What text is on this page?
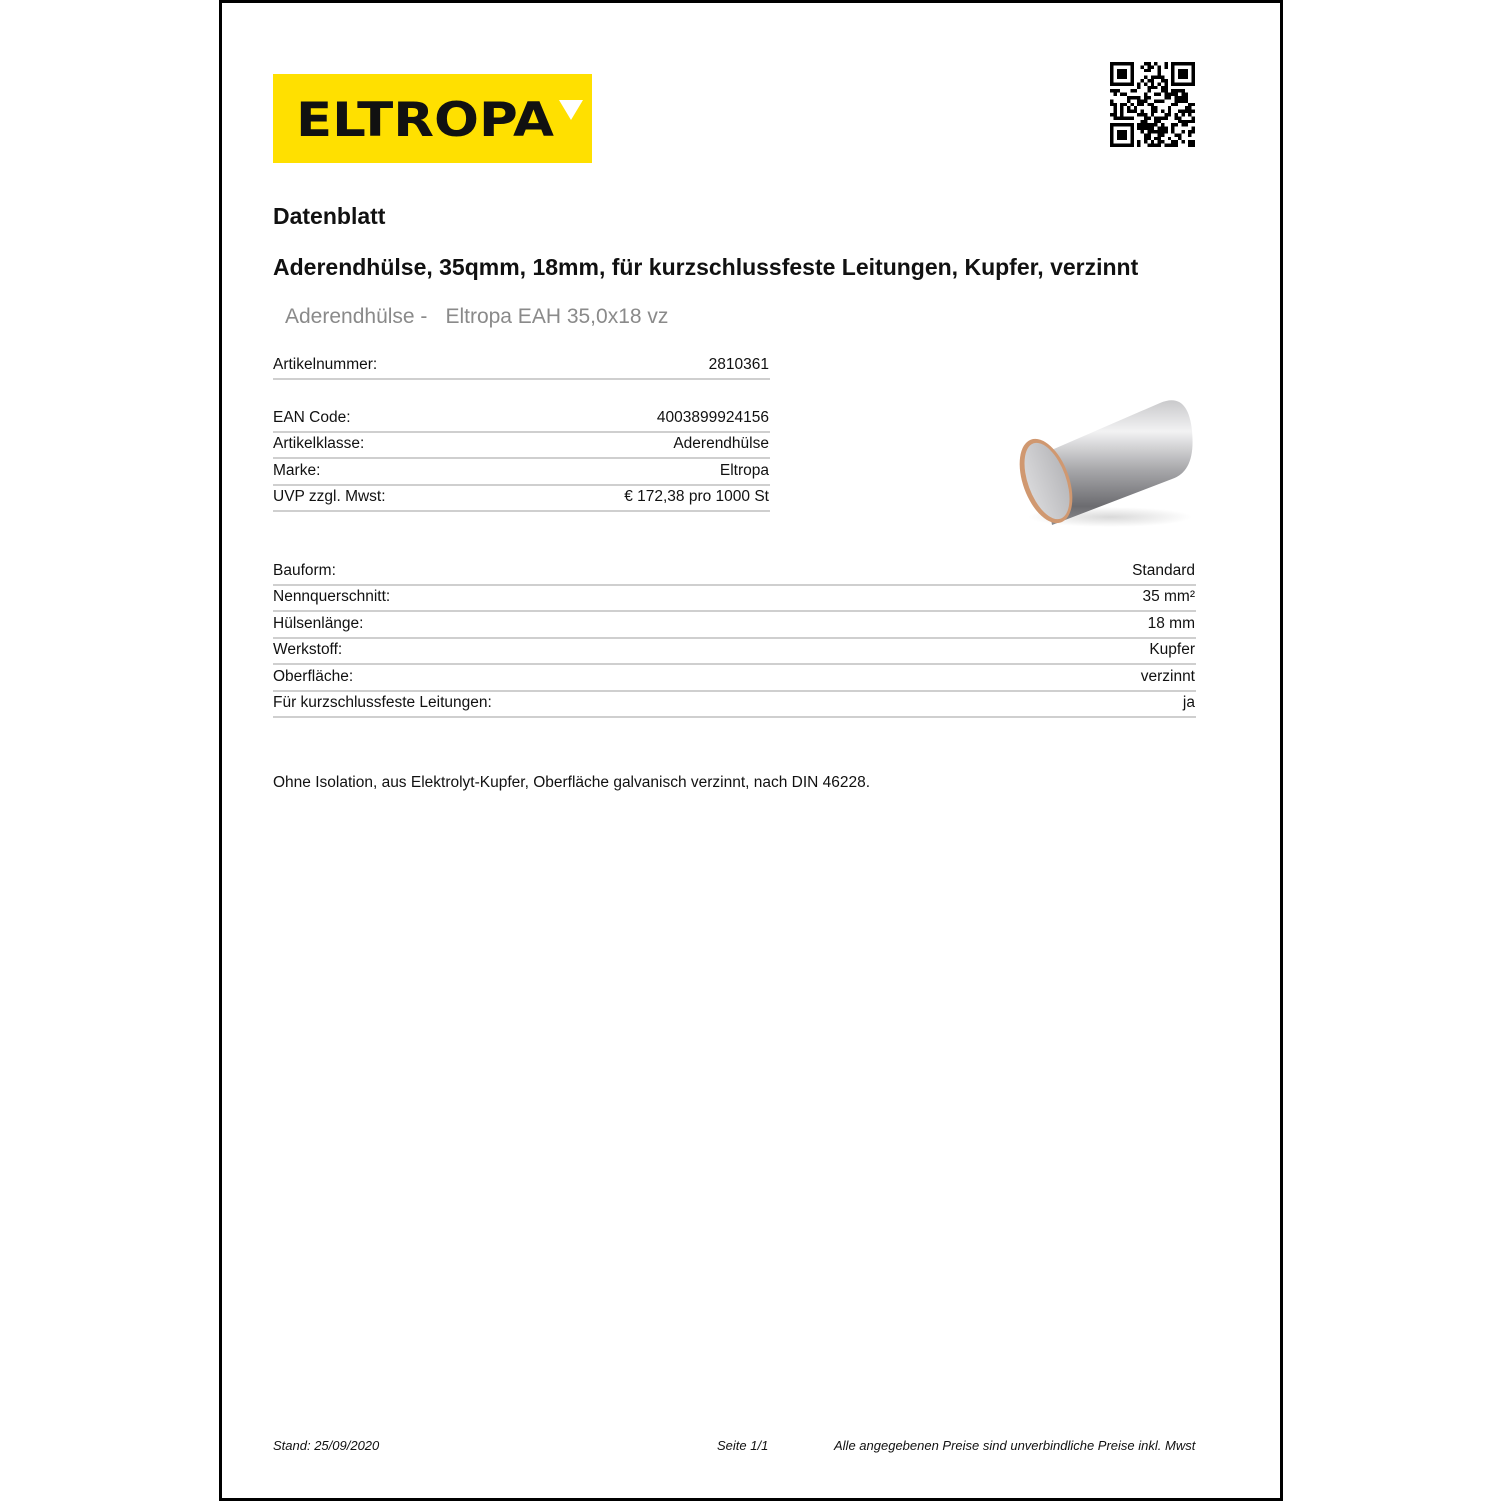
ELTROPA
Datenblatt
Aderendhülse, 35qmm, 18mm, für kurzschlussfeste Leitungen, Kupfer, verzinnt
Aderendhülse - Eltropa EAH 35,0x18 vz
Artikelnummer:	2810361
EAN Code:	4003899924156
Artikelklasse:	Aderendhülse
Marke:	Eltropa
UVP zzgl. Mwst:	€ 172,38 pro 1000 St
Bauform:	Standard
Nennquerschnitt:	35 mm²
Hülsenlänge:	18 mm
Werkstoff:	Kupfer
Oberfläche:	verzinnt
Für kurzschlussfeste Leitungen:	ja
Ohne Isolation, aus Elektrolyt-Kupfer, Oberfläche galvanisch verzinnt, nach DIN 46228.
Stand: 25/09/2020	Seite 1/1	Alle angegebenen Preise sind unverbindliche Preise inkl. Mwst
